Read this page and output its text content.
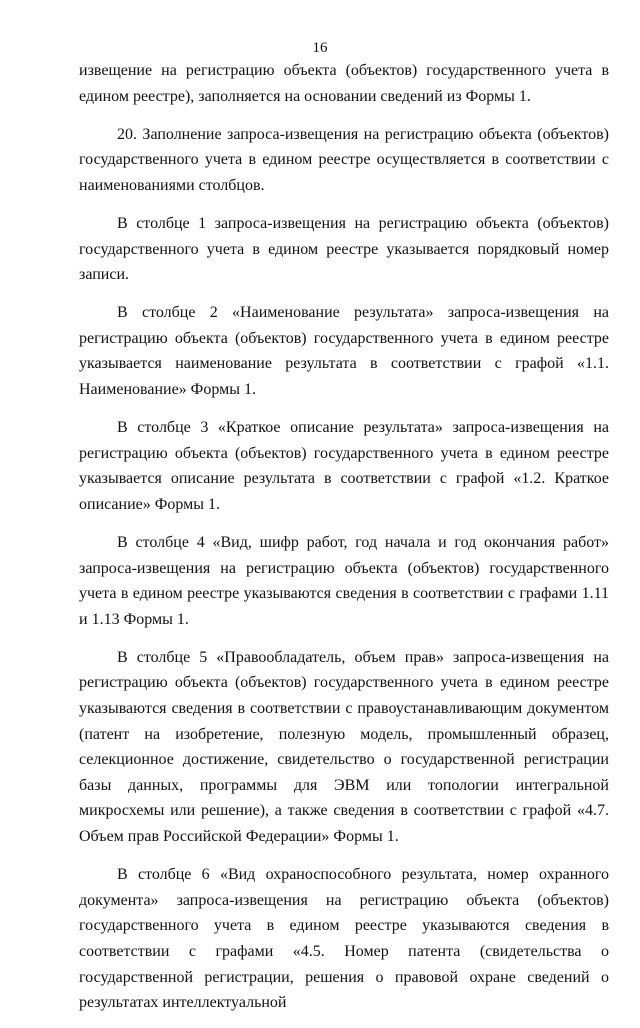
16

извещение на регистрацию объекта (объектов) государственного учета в едином реестре), заполняется на основании сведений из Формы 1.

20. Заполнение запроса-извещения на регистрацию объекта (объектов) государственного учета в едином реестре осуществляется в соответствии с наименованиями столбцов.

В столбце 1 запроса-извещения на регистрацию объекта (объектов) государственного учета в едином реестре указывается порядковый номер записи.

В столбце 2 «Наименование результата» запроса-извещения на регистрацию объекта (объектов) государственного учета в едином реестре указывается наименование результата в соответствии с графой «1.1. Наименование» Формы 1.

В столбце 3 «Краткое описание результата» запроса-извещения на регистрацию объекта (объектов) государственного учета в едином реестре указывается описание результата в соответствии с графой «1.2. Краткое описание» Формы 1.

В столбце 4 «Вид, шифр работ, год начала и год окончания работ» запроса-извещения на регистрацию объекта (объектов) государственного учета в едином реестре указываются сведения в соответствии с графами 1.11 и 1.13 Формы 1.

В столбце 5 «Правообладатель, объем прав» запроса-извещения на регистрацию объекта (объектов) государственного учета в едином реестре указываются сведения в соответствии с правоустанавливающим документом (патент на изобретение, полезную модель, промышленный образец, селекционное достижение, свидетельство о государственной регистрации базы данных, программы для ЭВМ или топологии интегральной микросхемы или решение), а также сведения в соответствии с графой «4.7. Объем прав Российской Федерации» Формы 1.

В столбце 6 «Вид охраноспособного результата, номер охранного документа» запроса-извещения на регистрацию объекта (объектов) государственного учета в едином реестре указываются сведения в соответствии с графами «4.5. Номер патента (свидетельства о государственной регистрации, решения о правовой охране сведений о результатах интеллектуальной
